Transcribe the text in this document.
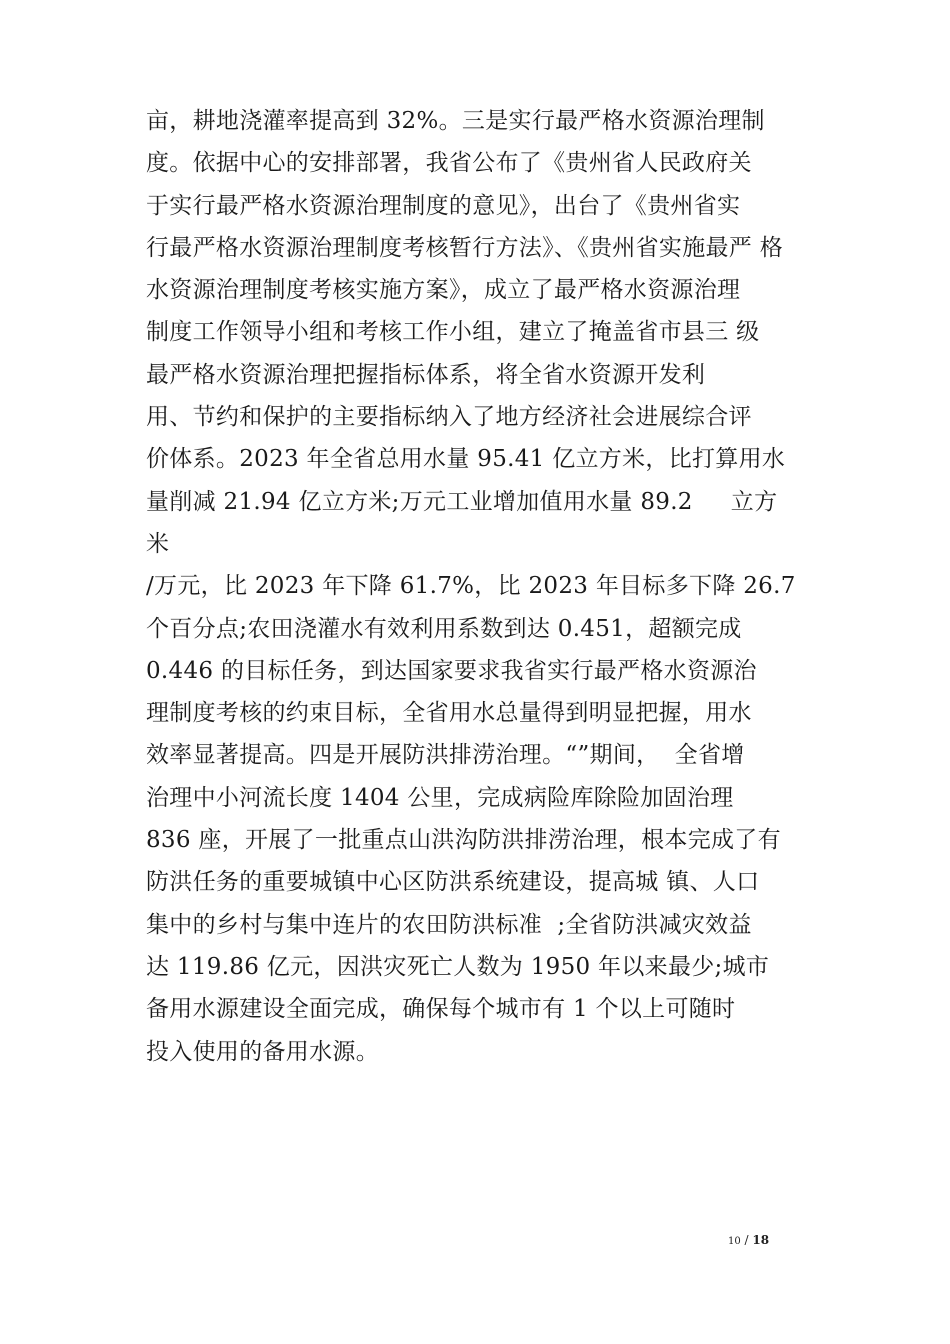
亩，耕地浇灌率提高到 32%。三是实行最严格水资源治理制
度。依据中心的安排部署，我省公布了《贵州省人民政府关
于实行最严格水资源治理制度的意见》，出台了《贵州省实
行最严格水资源治理制度考核暂行方法》、《贵州省实施最严 格
水资源治理制度考核实施方案》，成立了最严格水资源治理
制度工作领导小组和考核工作小组，建立了掩盖省市县三 级
最严格水资源治理把握指标体系，将全省水资源开发利
用、节约和保护的主要指标纳入了地方经济社会进展综合评
价体系。2023 年全省总用水量 95.41 亿立方米，比打算用水
量削减 21.94 亿立方米;万元工业增加值用水量 89.2     立方
米
/万元，比 2023 年下降 61.7%，比 2023 年目标多下降 26.7
个百分点;农田浇灌水有效利用系数到达 0.451，超额完成
0.446 的目标任务，到达国家要求我省实行最严格水资源治
理制度考核的约束目标，全省用水总量得到明显把握，用水
效率显著提高。四是开展防洪排涝治理。“”期间，  全省增
治理中小河流长度 1404 公里，完成病险库除险加固治理
836 座，开展了一批重点山洪沟防洪排涝治理，根本完成了有
防洪任务的重要城镇中心区防洪系统建设，提高城 镇、人口
集中的乡村与集中连片的农田防洪标准  ;全省防洪减灾效益
达 119.86 亿元，因洪灾死亡人数为 1950 年以来最少;城市
备用水源建设全面完成，确保每个城市有 1 个以上可随时
投入使用的备用水源。
10 / 18
